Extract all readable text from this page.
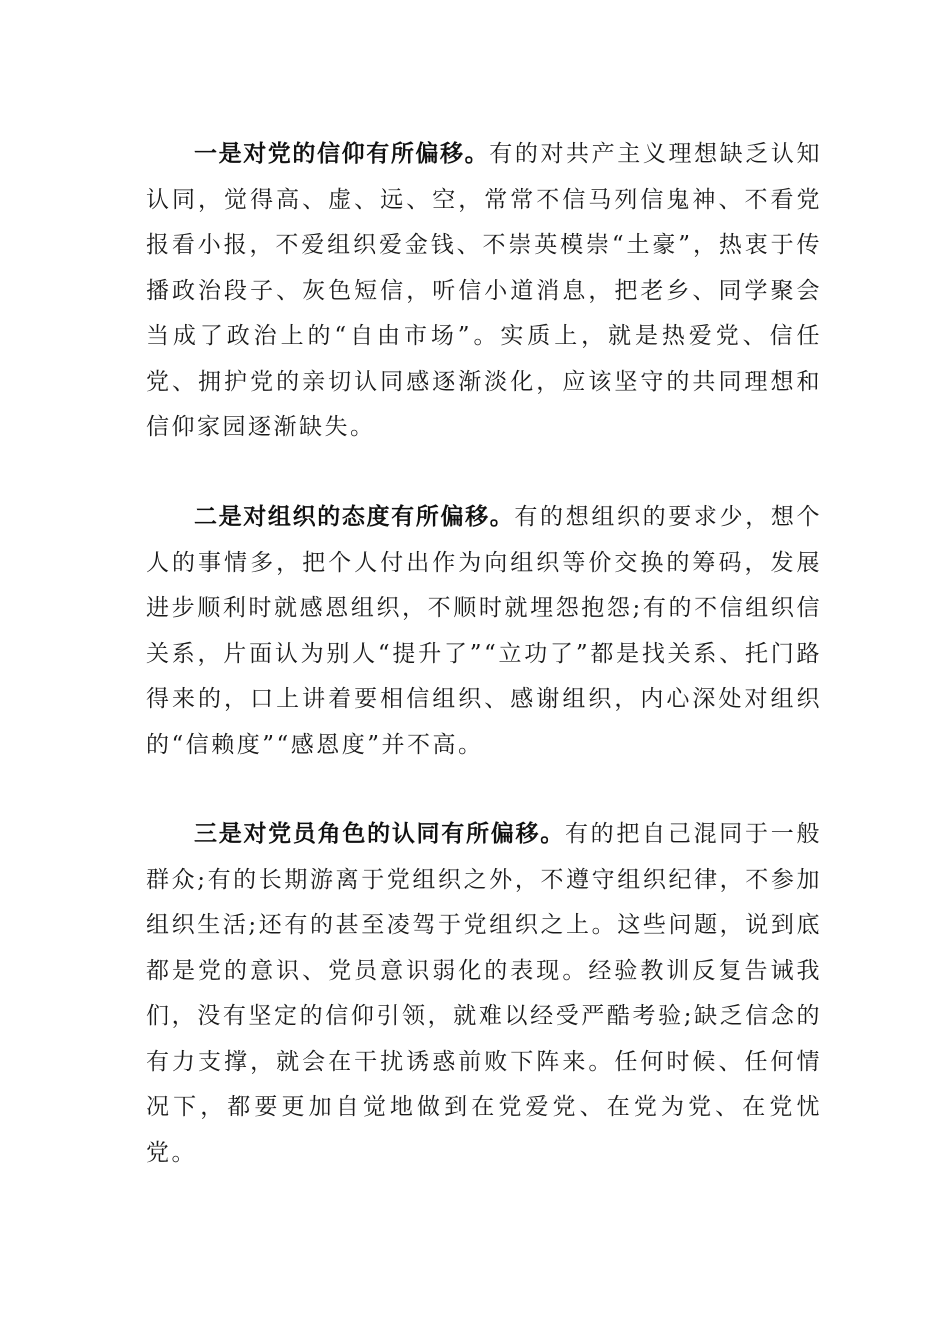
一是对党的信仰有所偏移。有的对共产主义理想缺乏认知认同，觉得高、虚、远、空，常常不信马列信鬼神、不看党报看小报，不爱组织爱金钱、不崇英模崇“土豪”，热衷于传播政治段子、灰色短信，听信小道消息，把老乡、同学聚会当成了政治上的“自由市场”。实质上，就是热爱党、信任党、拥护党的亲切认同感逐渐淡化，应该坚守的共同理想和信仰家园逐渐缺失。

二是对组织的态度有所偏移。有的想组织的要求少，想个人的事情多，把个人付出作为向组织等价交换的筹码，发展进步顺利时就感恩组织，不顺时就埋怨抱怨;有的不信组织信关系，片面认为别人“提升了”“立功了”都是找关系、托门路得来的，口上讲着要相信组织、感谢组织，内心深处对组织的“信赖度”“感恩度”并不高。

三是对党员角色的认同有所偏移。有的把自己混同于一般群众;有的长期游离于党组织之外，不遵守组织纪律，不参加组织生活;还有的甚至凌驾于党组织之上。这些问题，说到底都是党的意识、党员意识弱化的表现。经验教训反复告诫我们，没有坚定的信仰引领，就难以经受严酷考验;缺乏信念的有力支撑，就会在干扰诱惑前败下阵来。任何时候、任何情况下，都要更加自觉地做到在党爱党、在党为党、在党忧党。
